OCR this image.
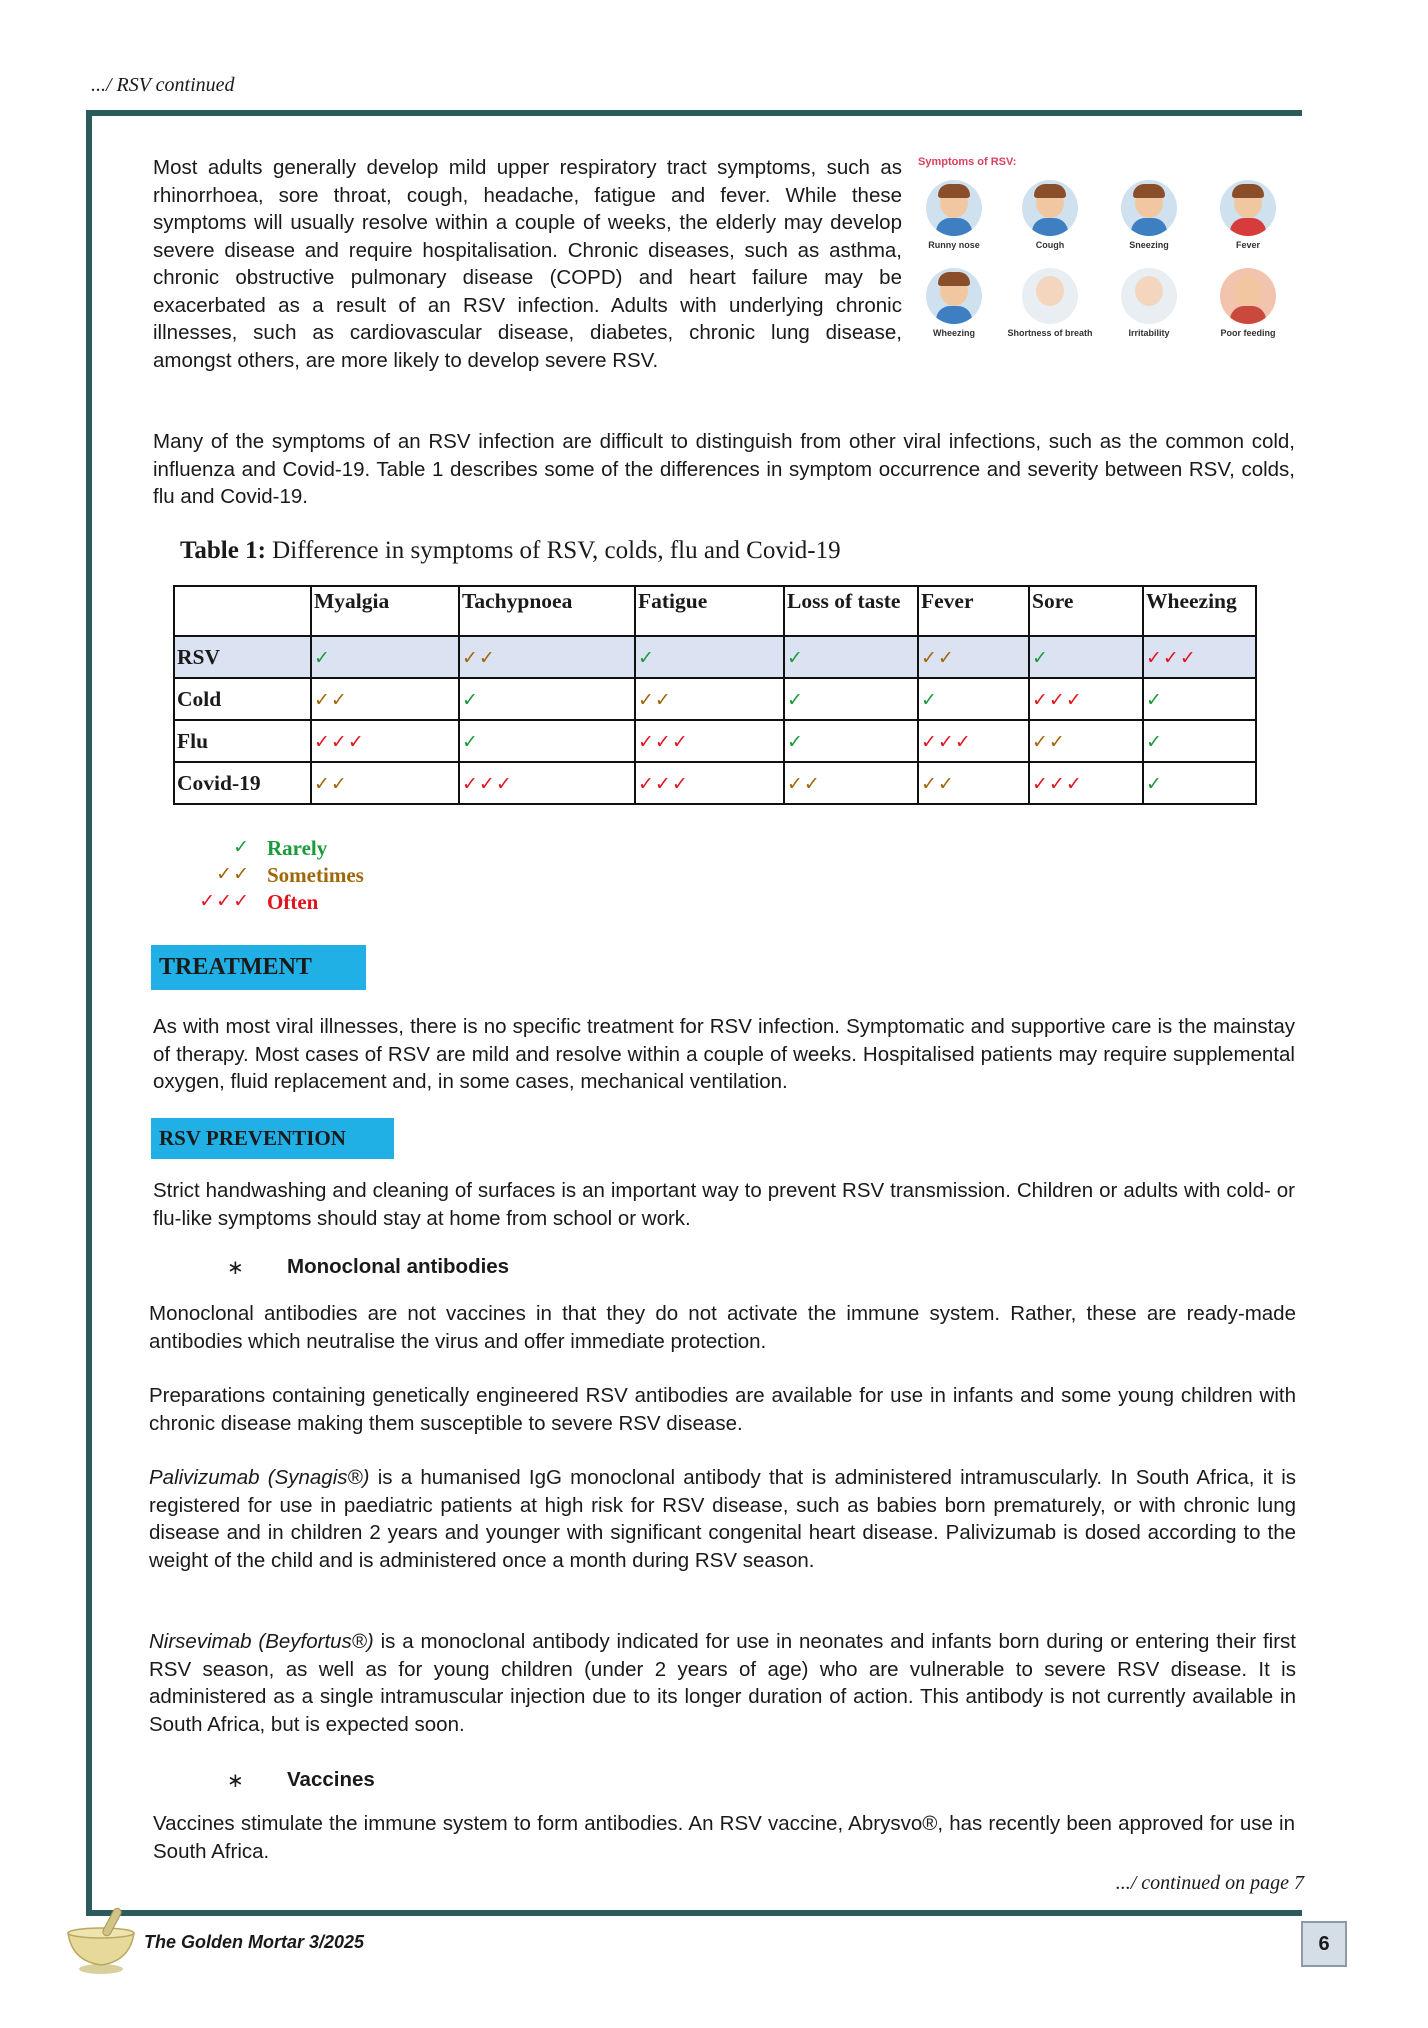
.../ RSV continued

Most adults generally develop mild upper respiratory tract symptoms, such as rhinorrhoea, sore throat, cough, headache, fatigue and fever. While these symptoms will usually resolve within a couple of weeks, the elderly may develop severe disease and require hospitalisation. Chronic diseases, such as asthma, chronic obstructive pulmonary disease (COPD) and heart failure may be exacerbated as a result of an RSV infection. Adults with underlying chronic illnesses, such as cardiovascular disease, diabetes, chronic lung disease, amongst others, are more likely to develop severe RSV.

Symptoms of RSV:
Runny nose	Cough	Sneezing	Fever
Wheezing	Shortness of breath	Irritability	Poor feeding

Many of the symptoms of an RSV infection are difficult to distinguish from other viral infections, such as the common cold, influenza and Covid-19. Table 1 describes some of the differences in symptom occurrence and severity between RSV, colds, flu and Covid-19.

Table 1: Difference in symptoms of RSV, colds, flu and Covid-19
	Myalgia	Tachypnoea	Fatigue	Loss of taste	Fever	Sore	Wheezing
RSV	✓	✓✓	✓	✓	✓✓	✓	✓✓✓
Cold	✓✓	✓	✓✓	✓	✓	✓✓✓	✓
Flu	✓✓✓	✓	✓✓✓	✓	✓✓✓	✓✓	✓
Covid-19	✓✓	✓✓✓	✓✓✓	✓✓	✓✓	✓✓✓	✓
✓ Rarely
✓✓ Sometimes
✓✓✓ Often
TREATMENT

As with most viral illnesses, there is no specific treatment for RSV infection. Symptomatic and supportive care is the mainstay of therapy. Most cases of RSV are mild and resolve within a couple of weeks. Hospitalised patients may require supplemental oxygen, fluid replacement and, in some cases, mechanical ventilation.

RSV PREVENTION

Strict handwashing and cleaning of surfaces is an important way to prevent RSV transmission. Children or adults with cold- or flu-like symptoms should stay at home from school or work.

∗ Monoclonal antibodies

Monoclonal antibodies are not vaccines in that they do not activate the immune system. Rather, these are ready-made antibodies which neutralise the virus and offer immediate protection.

Preparations containing genetically engineered RSV antibodies are available for use in infants and some young children with chronic disease making them susceptible to severe RSV disease.

Palivizumab (Synagis®) is a humanised IgG monoclonal antibody that is administered intramuscularly. In South Africa, it is registered for use in paediatric patients at high risk for RSV disease, such as babies born prematurely, or with chronic lung disease and in children 2 years and younger with significant congenital heart disease. Palivizumab is dosed according to the weight of the child and is administered once a month during RSV season.

Nirsevimab (Beyfortus®) is a monoclonal antibody indicated for use in neonates and infants born during or entering their first RSV season, as well as for young children (under 2 years of age) who are vulnerable to severe RSV disease. It is administered as a single intramuscular injection due to its longer duration of action. This antibody is not currently available in South Africa, but is expected soon.

∗ Vaccines

Vaccines stimulate the immune system to form antibodies. An RSV vaccine, Abrysvo®, has recently been approved for use in South Africa.

.../ continued on page 7
The Golden Mortar 3/2025	6
